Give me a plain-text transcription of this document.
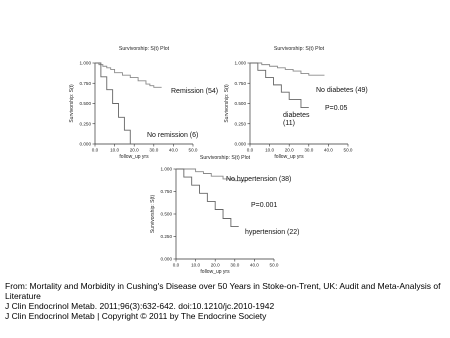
Survivorship: S(t) Plot
0.0	10.0 20.0 30.0 40.0 50.0
0.000
0.250
0.500
0.750
1.000
follow_up yrs
Survivorship: S(t)	Remission (54)
No remission (6)
Survivorship: S(t) Plot
0.0	10.0 20.0 30.0 40.0 50.0
0.000
0.250
0.500
0.750
1.000
follow_up yrs
Survivorship: S(t)	No diabetes (49)
diabetes (11)
P=0.05
Survivorship: S(t) Plot
0.0	10.0 20.0 30.0 40.0 50.0
0.000
0.250
0.500
0.750
1.000
follow_up yrs
Survivorship: S(t)
No hypertension (38)
hypertension (22)
P=0.001
From: Mortality and Morbidity in Cushing's Disease over 50 Years in Stoke-on-Trent, UK: Audit and Meta-Analysis of Literature
J Clin Endocrinol Metab. 2011;96(3):632-642. doi:10.1210/jc.2010-1942
J Clin Endocrinol Metab | Copyright © 2011 by The Endocrine Society
